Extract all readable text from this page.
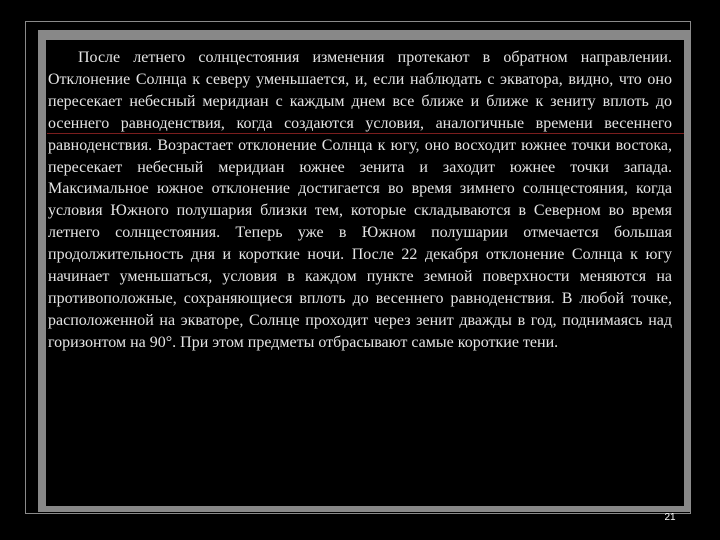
После летнего солнцестояния изменения протекают в обратном направлении. Отклонение Солнца к северу уменьшается, и, если наблюдать с экватора, видно, что оно пересекает небесный меридиан с каждым днем все ближе и ближе к зениту вплоть до осеннего равноденствия, когда создаются условия, аналогичные времени весеннего равноденствия. Возрастает отклонение Солнца к югу, оно восходит южнее точки востока, пересекает небесный меридиан южнее зенита и заходит южнее точки запада. Максимальное южное отклонение достигается во время зимнего солнцестояния, когда условия Южного полушария близки тем, которые складываются в Северном во время летнего солнцестояния. Теперь уже в Южном полушарии отмечается большая продолжительность дня и короткие ночи. После 22 декабря отклонение Солнца к югу начинает уменьшаться, условия в каждом пункте земной поверхности меняются на противоположные, сохраняющиеся вплоть до весеннего равноденствия. В любой точке, расположенной на экваторе, Солнце проходит через зенит дважды в год, поднимаясь над горизонтом на 90°. При этом предметы отбрасывают самые короткие тени.

21
